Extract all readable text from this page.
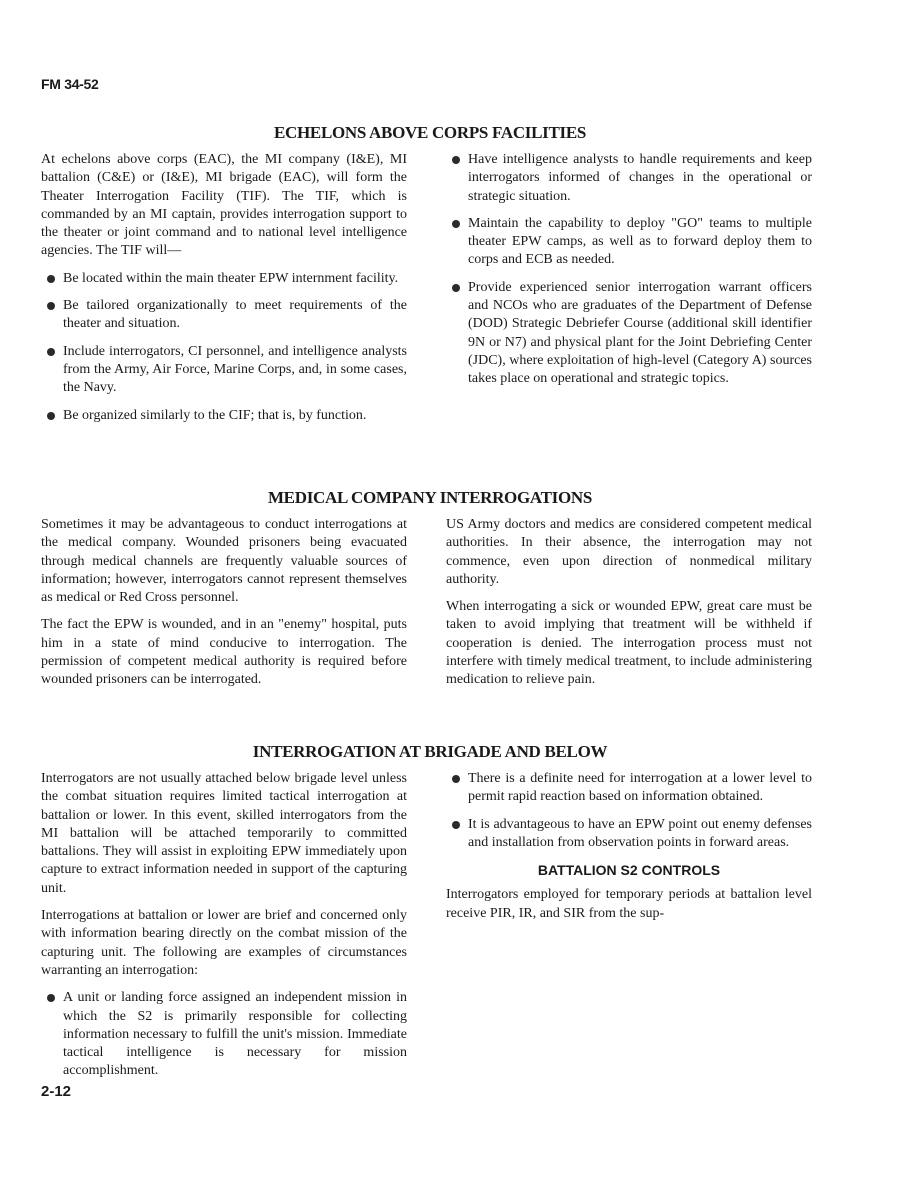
FM 34-52
ECHELONS ABOVE CORPS FACILITIES

At echelons above corps (EAC), the MI company (I&E), MI battalion (C&E) or (I&E), MI brigade (EAC), will form the Theater Interrogation Facility (TIF). The TIF, which is commanded by an MI captain, provides interrogation support to the theater or joint command and to national level intelligence agencies. The TIF will—

Be located within the main theater EPW internment facility.
Be tailored organizationally to meet requirements of the theater and situation.
Include interrogators, CI personnel, and intelligence analysts from the Army, Air Force, Marine Corps, and, in some cases, the Navy.
Be organized similarly to the CIF; that is, by function.
Have intelligence analysts to handle requirements and keep interrogators informed of changes in the operational or strategic situation.
Maintain the capability to deploy "GO" teams to multiple theater EPW camps, as well as to forward deploy them to corps and ECB as needed.
Provide experienced senior interrogation warrant officers and NCOs who are graduates of the Department of Defense (DOD) Strategic Debriefer Course (additional skill identifier 9N or N7) and physical plant for the Joint Debriefing Center (JDC), where exploitation of high-level (Category A) sources takes place on operational and strategic topics.
MEDICAL COMPANY INTERROGATIONS

Sometimes it may be advantageous to conduct interrogations at the medical company. Wounded prisoners being evacuated through medical channels are frequently valuable sources of information; however, interrogators cannot represent themselves as medical or Red Cross personnel.

The fact the EPW is wounded, and in an "enemy" hospital, puts him in a state of mind conducive to interrogation. The permission of competent medical authority is required before wounded prisoners can be interrogated.

US Army doctors and medics are considered competent medical authorities. In their absence, the interrogation may not commence, even upon direction of nonmedical military authority.

When interrogating a sick or wounded EPW, great care must be taken to avoid implying that treatment will be withheld if cooperation is denied. The interrogation process must not interfere with timely medical treatment, to include administering medication to relieve pain.

INTERROGATION AT BRIGADE AND BELOW

Interrogators are not usually attached below brigade level unless the combat situation requires limited tactical interrogation at battalion or lower. In this event, skilled interrogators from the MI battalion will be attached temporarily to committed battalions. They will assist in exploiting EPW immediately upon capture to extract information needed in support of the capturing unit.

Interrogations at battalion or lower are brief and concerned only with information bearing directly on the combat mission of the capturing unit. The following are examples of circumstances warranting an interrogation:

A unit or landing force assigned an independent mission in which the S2 is primarily responsible for collecting information necessary to fulfill the unit's mission. Immediate tactical intelligence is necessary for mission accomplishment.
There is a definite need for interrogation at a lower level to permit rapid reaction based on information obtained.
It is advantageous to have an EPW point out enemy defenses and installation from observation points in forward areas.
BATTALION S2 CONTROLS

Interrogators employed for temporary periods at battalion level receive PIR, IR, and SIR from the sup-

2-12
